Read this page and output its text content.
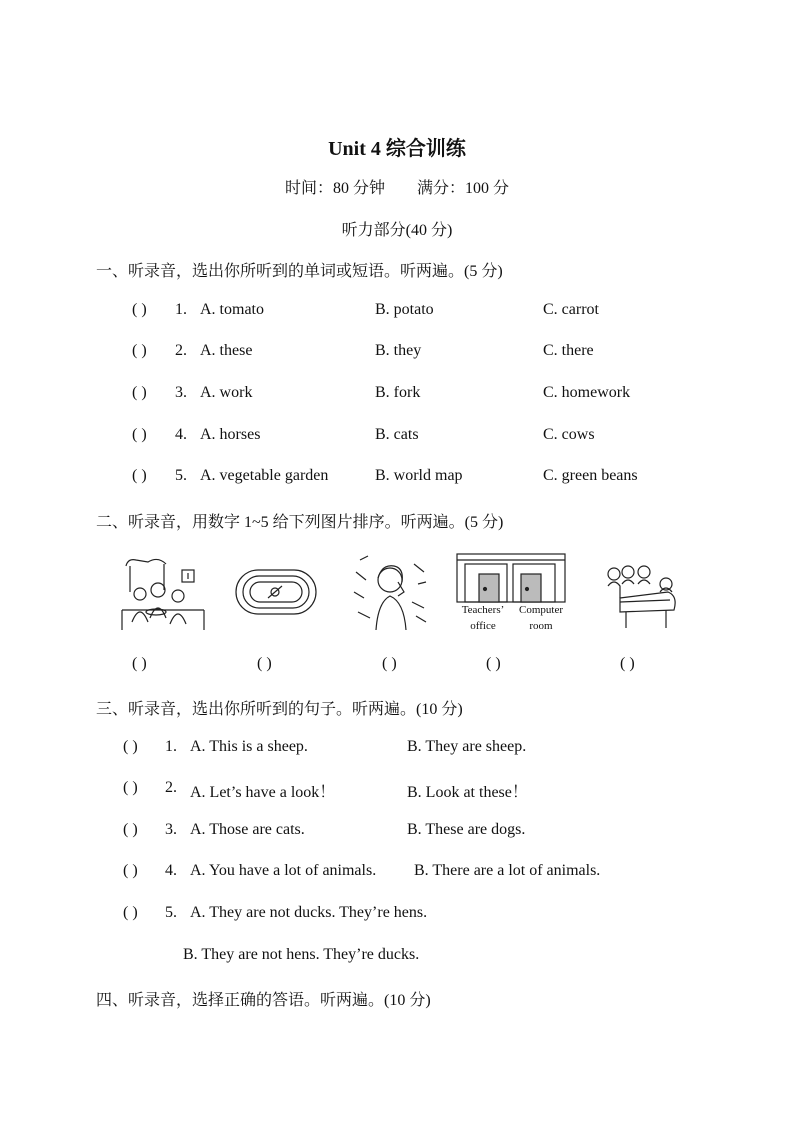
Unit 4 综合训练
时间：80 分钟 满分：100 分
听力部分(40 分)
一、听录音，选出你所听到的单词或短语。听两遍。(5 分)
( ) 1. A. tomato	B. potato	C. carrot
( ) 2. A. these	B. they	C. there
( ) 3. A. work	B. fork	C. homework
( ) 4. A. horses	B. cats	C. cows
( ) 5. A. vegetable garden	B. world map	C. green beans
二、听录音，用数字 1~5 给下列图片排序。听两遍。(5 分)
Teachers’
office
Computer
room
( )	( )	( )	( )	( )
三、听录音，选出你所听到的句子。听两遍。(10 分)
( ) 1. A. This is a sheep.	B. They are sheep.
( ) 2. A. Let’s have a look！	B. Look at these！
( ) 3. A. Those are cats.	B. These are dogs.
( ) 4. A. You have a lot of animals. B. There are a lot of animals.
( ) 5. A. They are not ducks. They’re hens.
B. They are not hens. They’re ducks.
四、听录音，选择正确的答语。听两遍。(10 分)
